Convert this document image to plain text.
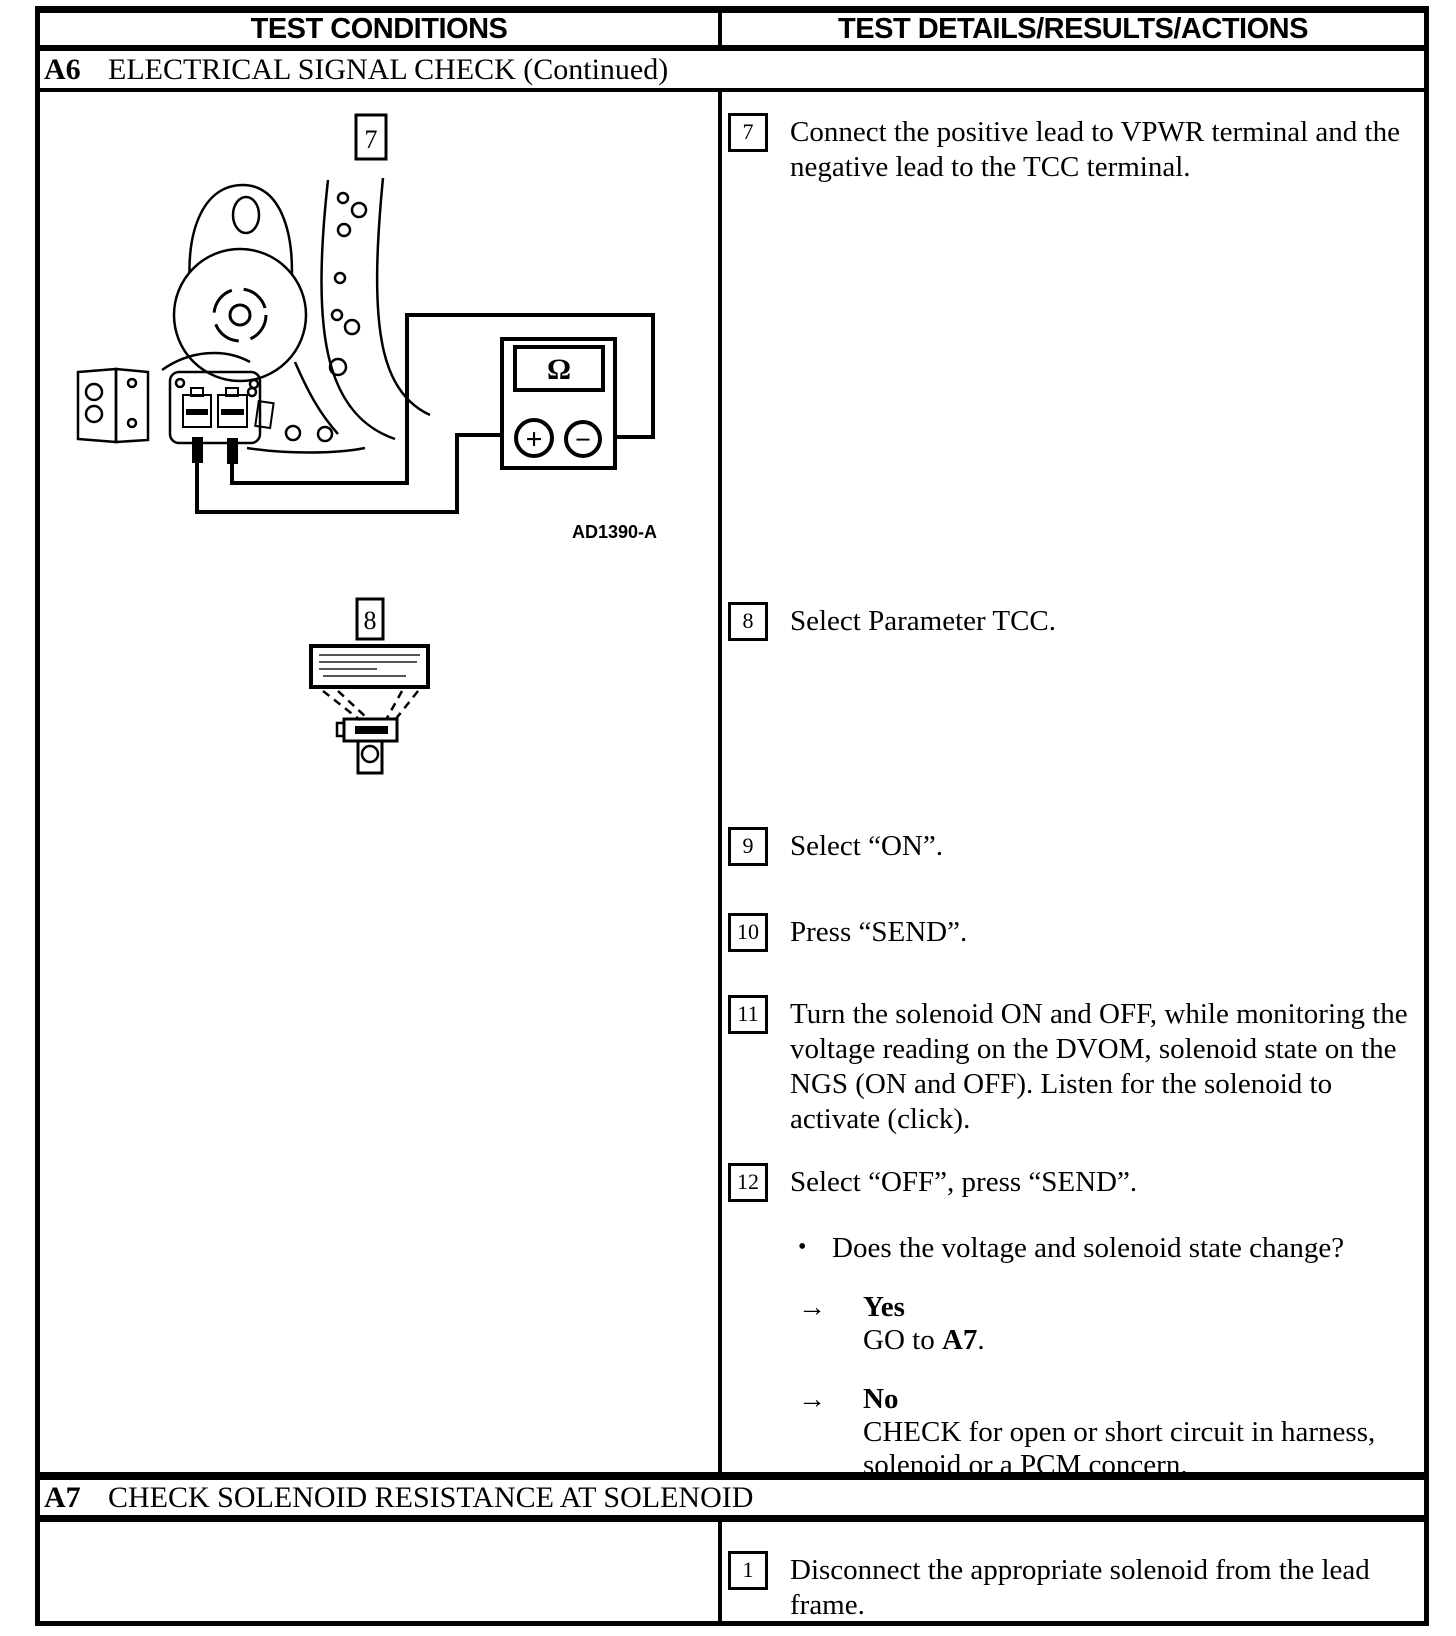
TEST CONDITIONS	TEST DETAILS/RESULTS/ACTIONS
A6 ELECTRICAL SIGNAL CHECK (Continued)
7
Ω
+ −
AD1390-A
8
7	Connect the positive lead to VPWR terminal and the negative lead to the TCC terminal.
8	Select Parameter TCC.
9	Select “ON”.
10	Press “SEND”.
11	Turn the solenoid ON and OFF, while monitoring the voltage reading on the DVOM, solenoid state on the NGS (ON and OFF). Listen for the solenoid to activate (click).
12	Select “OFF”, press “SEND”.
• Does the voltage and solenoid state change?
→	Yes
GO to A7.
→	No
CHECK for open or short circuit in harness, solenoid or a PCM concern.
A7 CHECK SOLENOID RESISTANCE AT SOLENOID
1	Disconnect the appropriate solenoid from the lead frame.
